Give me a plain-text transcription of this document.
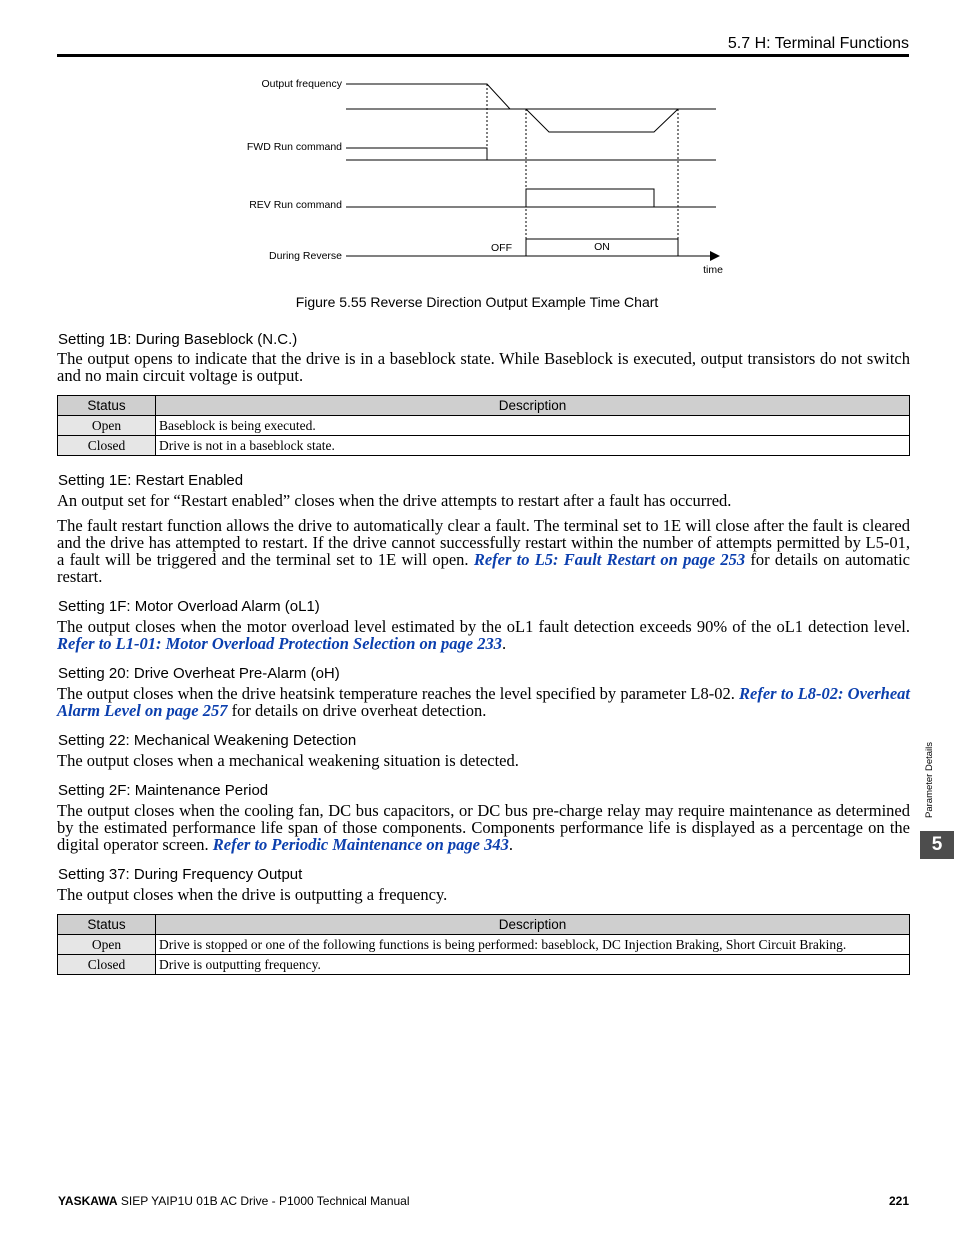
5.7 H: Terminal Functions
Output frequency
FWD Run command
REV Run command
During Reverse
OFF	ON
time
Figure 5.55 Reverse Direction Output Example Time Chart
Setting 1B: During Baseblock (N.C.)
The output opens to indicate that the drive is in a baseblock state. While Baseblock is executed, output transistors do not switch and no main circuit voltage is output.
Status	Description
Open	Baseblock is being executed.
Closed	Drive is not in a baseblock state.
Setting 1E: Restart Enabled
An output set for “Restart enabled” closes when the drive attempts to restart after a fault has occurred.
The fault restart function allows the drive to automatically clear a fault. The terminal set to 1E will close after the fault is cleared and the drive has attempted to restart. If the drive cannot successfully restart within the number of attempts permitted by L5-01, a fault will be triggered and the terminal set to 1E will open. Refer to L5: Fault Restart on page 253 for details on automatic restart.
Setting 1F: Motor Overload Alarm (oL1)
The output closes when the motor overload level estimated by the oL1 fault detection exceeds 90% of the oL1 detection level. Refer to L1-01: Motor Overload Protection Selection on page 233.
Setting 20: Drive Overheat Pre-Alarm (oH)
The output closes when the drive heatsink temperature reaches the level specified by parameter L8-02. Refer to L8-02: Overheat Alarm Level on page 257 for details on drive overheat detection.
Setting 22: Mechanical Weakening Detection
The output closes when a mechanical weakening situation is detected.
Setting 2F: Maintenance Period
The output closes when the cooling fan, DC bus capacitors, or DC bus pre-charge relay may require maintenance as determined by the estimated performance life span of those components. Components performance life is displayed as a percentage on the digital operator screen. Refer to Periodic Maintenance on page 343.
Setting 37: During Frequency Output
The output closes when the drive is outputting a frequency.
Status	Description
Open	Drive is stopped or one of the following functions is being performed: baseblock, DC Injection Braking, Short Circuit Braking.
Closed	Drive is outputting frequency.
Parameter Details
5
YASKAWA SIEP YAIP1U 01B AC Drive - P1000 Technical Manual	221
